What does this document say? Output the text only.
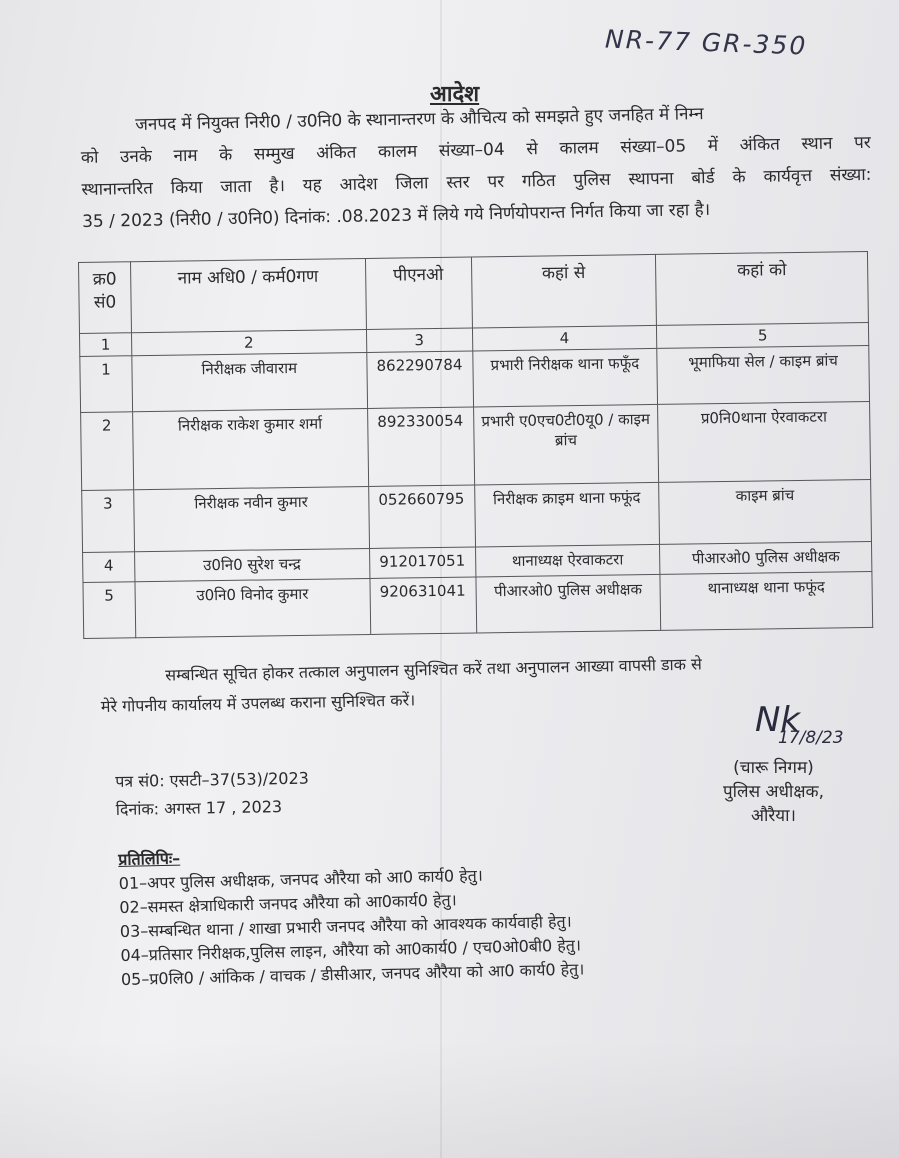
NR-77 GR-350
आदेश
जनपद में नियुक्त निरी0 / उ0नि0 के स्थानान्तरण के औचित्य को समझते हुए जनहित में निम्न
को उनके नाम के सम्मुख अंकित कालम संख्या–04 से कालम संख्या–05 में अंकित स्थान पर
स्थानान्तरित किया जाता है। यह आदेश जिला स्तर पर गठित पुलिस स्थापना बोर्ड के कार्यवृत्त संख्या:
35 / 2023 (निरी0 / उ0नि0) दिनांक: .08.2023 में लिये गये निर्णयोपरान्त निर्गत किया जा रहा है।
क्र0 सं0	नाम अधि0 / कर्म0गण	पीएनओ	कहां से	कहां को
1	2	3	4	5
1	निरीक्षक जीवाराम	862290784	प्रभारी निरीक्षक थाना फफूँद	भूमाफिया सेल / काइम ब्रांच
2	निरीक्षक राकेश कुमार शर्मा	892330054	प्रभारी ए0एच0टी0यू0 / काइम ब्रांच	प्र0नि0थाना ऐरवाकटरा
3	निरीक्षक नवीन कुमार	052660795	निरीक्षक क्राइम थाना फफूंद	काइम ब्रांच
4	उ0नि0 सुरेश चन्द्र	912017051	थानाध्यक्ष ऐरवाकटरा	पीआरओ0 पुलिस अधीक्षक
5	उ0नि0 विनोद कुमार	920631041	पीआरओ0 पुलिस अधीक्षक	थानाध्यक्ष थाना फफूंद
सम्बन्धित सूचित होकर तत्काल अनुपालन सुनिश्चित करें तथा अनुपालन आख्या वापसी डाक से
मेरे गोपनीय कार्यालय में उपलब्ध कराना सुनिश्चित करें।	Nk
17/8/23
(चारू निगम)
पुलिस अधीक्षक,
औरैया।
पत्र सं0: एसटी–37(53)/2023
दिनांक: अगस्त 17 , 2023
प्रतिलिपिः–
01–अपर पुलिस अधीक्षक, जनपद औरैया को आ0 कार्य0 हेतु।
02–समस्त क्षेत्राधिकारी जनपद औरैया को आ0कार्य0 हेतु।
03–सम्बन्धित थाना / शाखा प्रभारी जनपद औरैया को आवश्यक कार्यवाही हेतु।
04–प्रतिसार निरीक्षक,पुलिस लाइन, औरैया को आ0कार्य0 / एच0ओ0बी0 हेतु।
05–प्र0लि0 / आंकिक / वाचक / डीसीआर, जनपद औरैया को आ0 कार्य0 हेतु।
